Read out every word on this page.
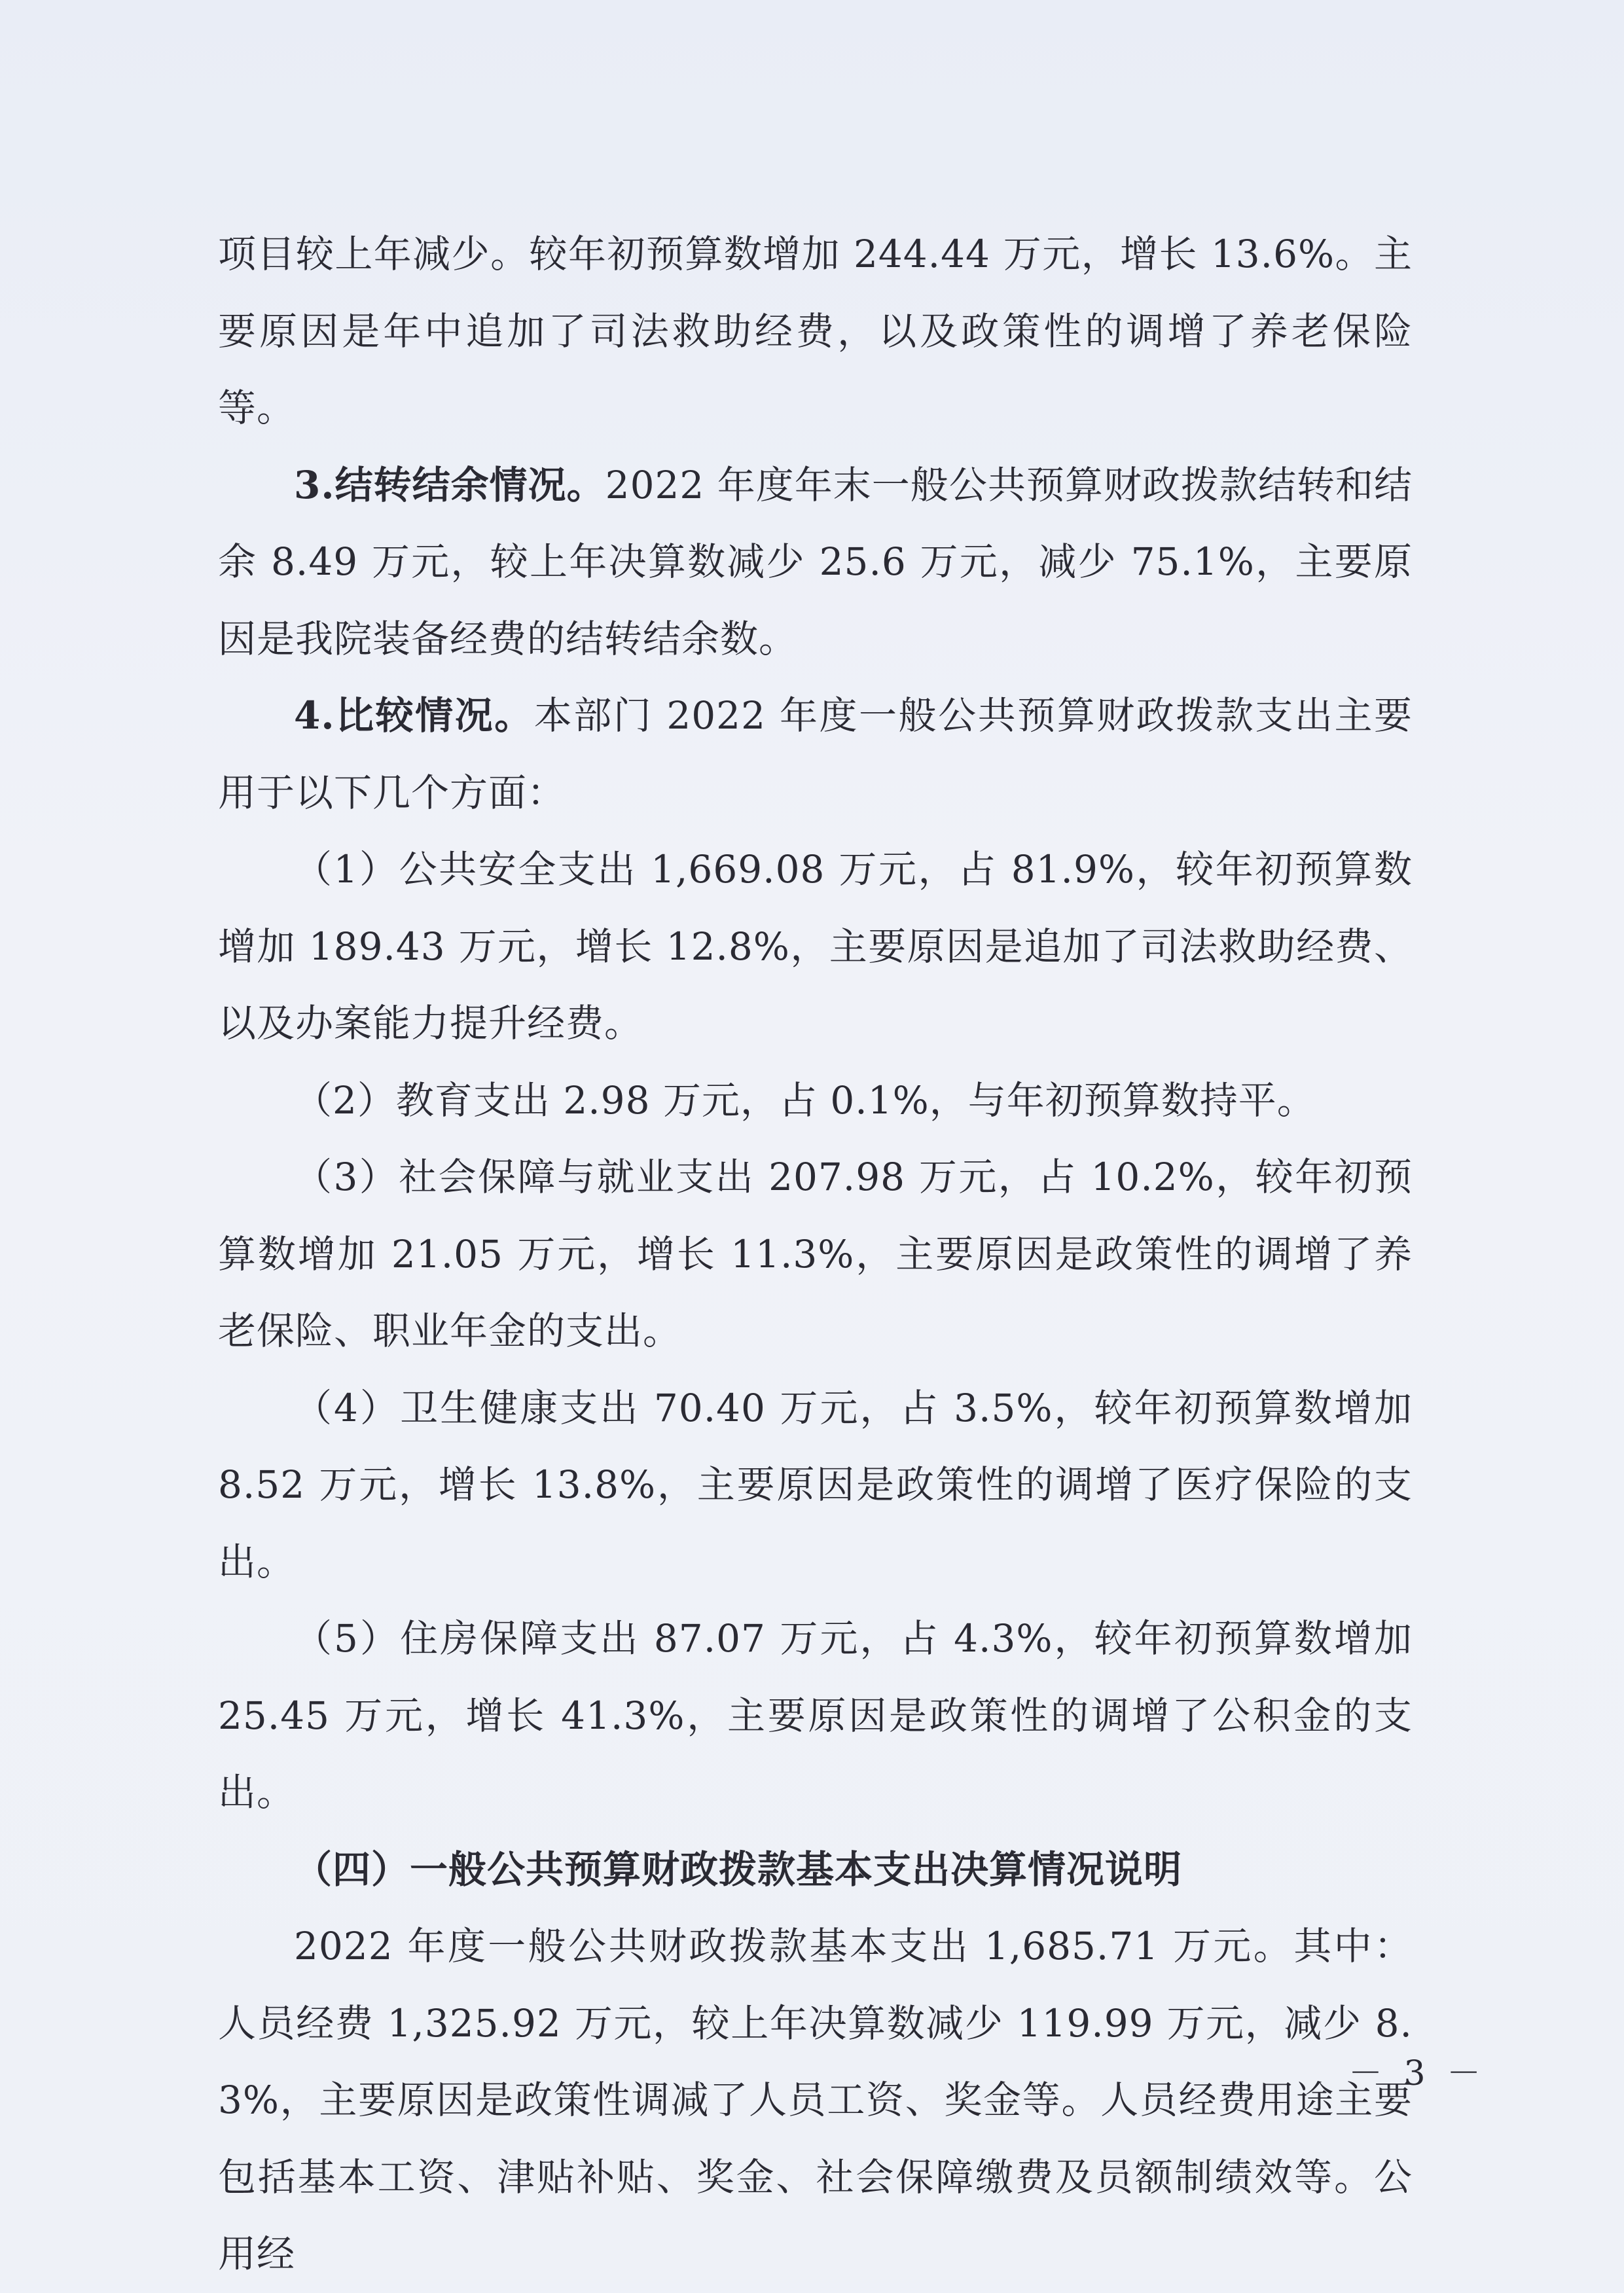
项目较上年减少。较年初预算数增加 244.44 万元，增长 13.6%。主要原因是年中追加了司法救助经费，以及政策性的调增了养老保险等。

3.结转结余情况。2022 年度年末一般公共预算财政拨款结转和结余 8.49 万元，较上年决算数减少 25.6 万元，减少 75.1%，主要原因是我院装备经费的结转结余数。

4.比较情况。本部门 2022 年度一般公共预算财政拨款支出主要用于以下几个方面：

（1）公共安全支出 1,669.08 万元，占 81.9%，较年初预算数增加 189.43 万元，增长 12.8%，主要原因是追加了司法救助经费、以及办案能力提升经费。

（2）教育支出 2.98 万元，占 0.1%，与年初预算数持平。

（3）社会保障与就业支出 207.98 万元，占 10.2%，较年初预算数增加 21.05 万元，增长 11.3%，主要原因是政策性的调增了养老保险、职业年金的支出。

（4）卫生健康支出 70.40 万元，占 3.5%，较年初预算数增加 8.52 万元，增长 13.8%，主要原因是政策性的调增了医疗保险的支出。

（5）住房保障支出 87.07 万元，占 4.3%，较年初预算数增加 25.45 万元，增长 41.3%，主要原因是政策性的调增了公积金的支出。

（四）一般公共预算财政拨款基本支出决算情况说明

2022 年度一般公共财政拨款基本支出 1,685.71 万元。其中：人员经费 1,325.92 万元，较上年决算数减少 119.99 万元，减少 8.3%，主要原因是政策性调减了人员工资、奖金等。人员经费用途主要包括基本工资、津贴补贴、奖金、社会保障缴费及员额制绩效等。公用经

－ 3 －
